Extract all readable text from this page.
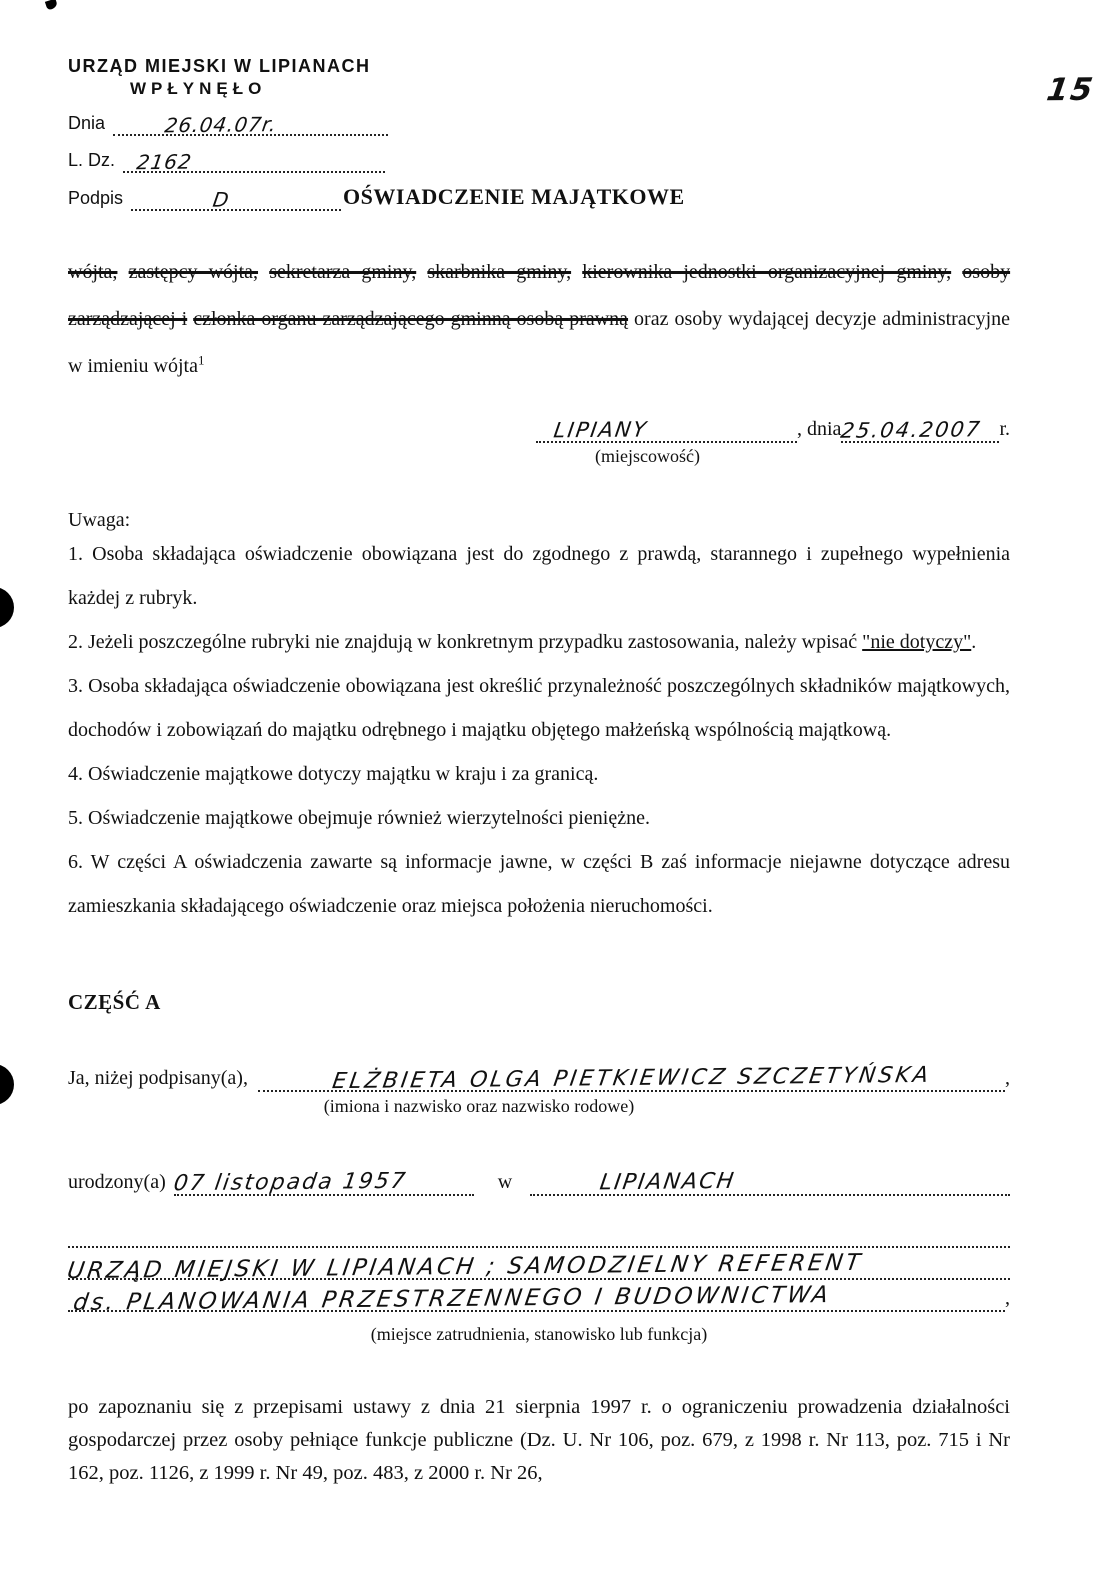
15
URZĄD MIEJSKI W LIPIANACH
WPŁYNĘŁO
Dnia	26.04.07r.
L. Dz.	2162
Podpis	D	OŚWIADCZENIE MAJĄTKOWE

wójta, zastępcy wójta, sekretarza gminy, skarbnika gminy, kierownika jednostki organizacyjnej gminy, osoby zarządzającej i członka organu zarządzającego gminną osobą prawną oraz osoby wydającej decyzje administracyjne w imieniu wójta$^1$

LIPIANY	, dnia
25.04.2007 r.
(miejscowość)
Uwaga:

1. Osoba składająca oświadczenie obowiązana jest do zgodnego z prawdą, starannego i zupełnego wypełnienia każdej z rubryk.

2. Jeżeli poszczególne rubryki nie znajdują w konkretnym przypadku zastosowania, należy wpisać "nie dotyczy".

3. Osoba składająca oświadczenie obowiązana jest określić przynależność poszczególnych składników majątkowych, dochodów i zobowiązań do majątku odrębnego i majątku objętego małżeńską wspólnością majątkową.

4. Oświadczenie majątkowe dotyczy majątku w kraju i za granicą.

5. Oświadczenie majątkowe obejmuje również wierzytelności pieniężne.

6. W części A oświadczenia zawarte są informacje jawne, w części B zaś informacje niejawne dotyczące adresu zamieszkania składającego oświadczenie oraz miejsca położenia nieruchomości.

CZĘŚĆ A
Ja, niżej podpisany(a),	ELŻBIETA OLGA PIETKIEWICZ SZCZETYŃSKA	,
(imiona i nazwisko oraz nazwisko rodowe)
urodzony(a) 07 listopada 1957	w	LIPIANACH
URZĄD MIEJSKI W LIPIANACH ; SAMODZIELNY REFERENT
ds. PLANOWANIA PRZESTRZENNEGO I BUDOWNICTWA	,
(miejsce zatrudnienia, stanowisko lub funkcja)

po zapoznaniu się z przepisami ustawy z dnia 21 sierpnia 1997 r. o ograniczeniu prowadzenia działalności gospodarczej przez osoby pełniące funkcje publiczne (Dz. U. Nr 106, poz. 679, z 1998 r. Nr 113, poz. 715 i Nr 162, poz. 1126, z 1999 r. Nr 49, poz. 483, z 2000 r. Nr 26,
